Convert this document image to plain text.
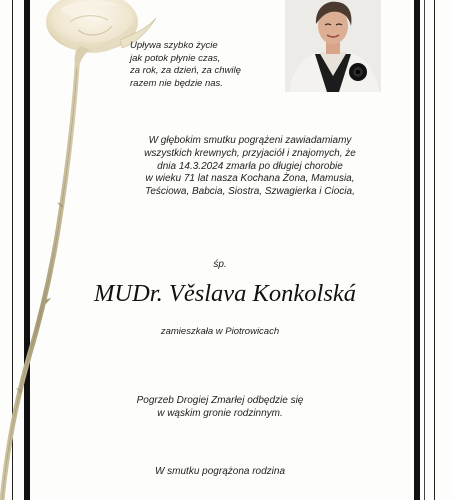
Upływa szybko życie
jak potok płynie czas,
za rok, za dzień, za chwilę
razem nie będzie nas.
W głębokim smutku pogrążeni zawiadamiamy
wszystkich krewnych, przyjaciół i znajomych, że
dnia 14.3.2024 zmarła po długiej chorobie
w wieku 71 lat nasza Kochana Żona, Mamusia,
Teściowa, Babcia, Siostra, Szwagierka i Ciocia,
śp.
MUDr. Věslava Konkolská
zamieszkała w Piotrowicach
Pogrzeb Drogiej Zmarłej odbędzie się
w wąskim gronie rodzinnym.
W smutku pogrążona rodzina
